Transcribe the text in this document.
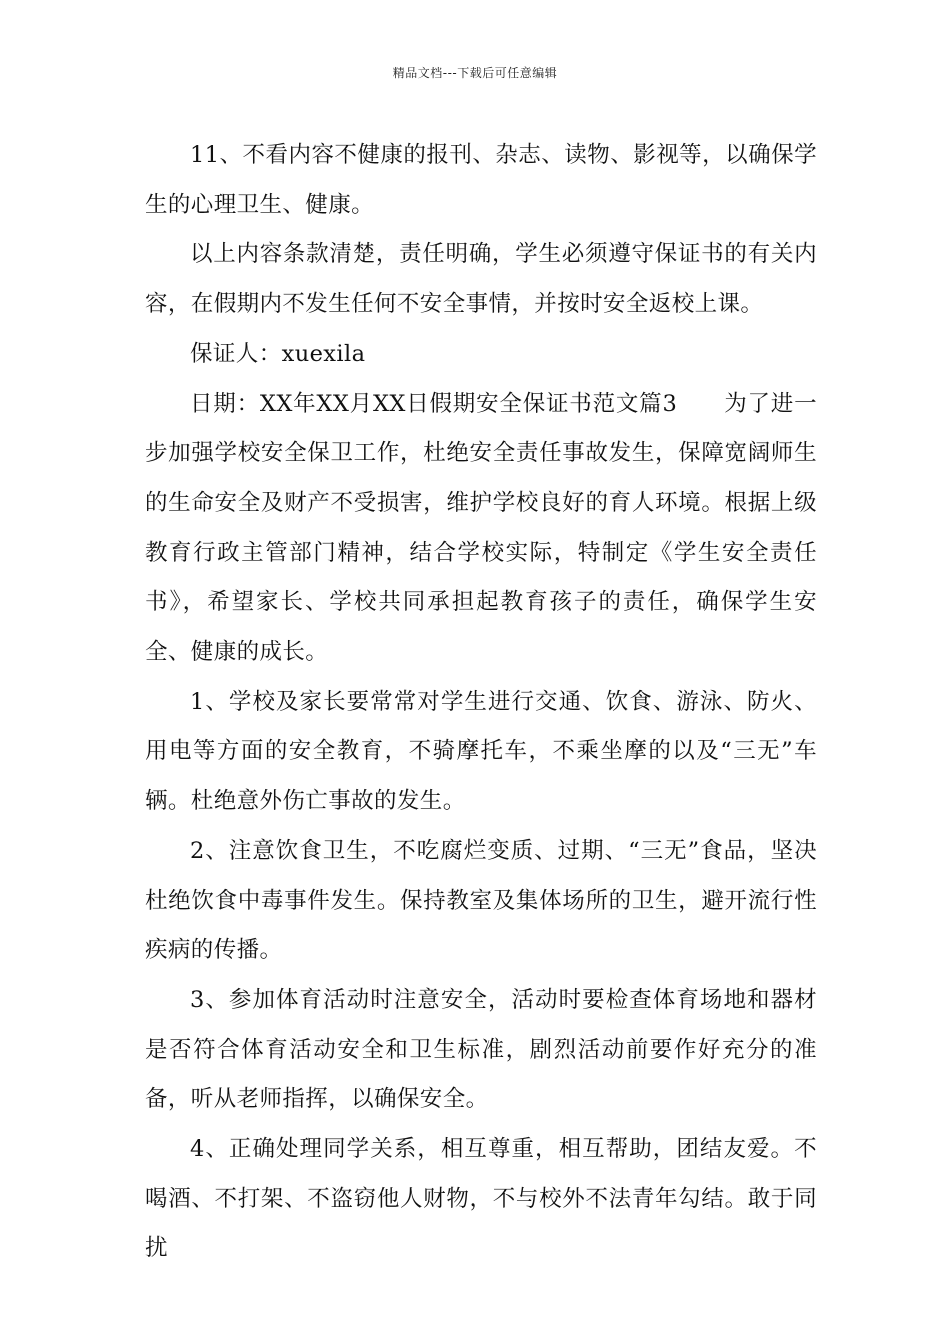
精品文档---下载后可任意编辑

11、不看内容不健康的报刊、杂志、读物、影视等，以确保学生的心理卫生、健康。

以上内容条款清楚，责任明确，学生必须遵守保证书的有关内容，在假期内不发生任何不安全事情，并按时安全返校上课。

保证人：xuexila

日期：XX年XX月XX日假期安全保证书范文篇3　　为了进一步加强学校安全保卫工作，杜绝安全责任事故发生，保障宽阔师生的生命安全及财产不受损害，维护学校良好的育人环境。根据上级教育行政主管部门精神，结合学校实际，特制定《学生安全责任书》，希望家长、学校共同承担起教育孩子的责任，确保学生安全、健康的成长。

1、学校及家长要常常对学生进行交通、饮食、游泳、防火、用电等方面的安全教育，不骑摩托车，不乘坐摩的以及“三无”车辆。杜绝意外伤亡事故的发生。

2、注意饮食卫生，不吃腐烂变质、过期、“三无”食品，坚决杜绝饮食中毒事件发生。保持教室及集体场所的卫生，避开流行性疾病的传播。

3、参加体育活动时注意安全，活动时要检查体育场地和器材是否符合体育活动安全和卫生标准，剧烈活动前要作好充分的准备，听从老师指挥，以确保安全。

4、正确处理同学关系，相互尊重，相互帮助，团结友爱。不喝酒、不打架、不盗窃他人财物，不与校外不法青年勾结。敢于同扰
